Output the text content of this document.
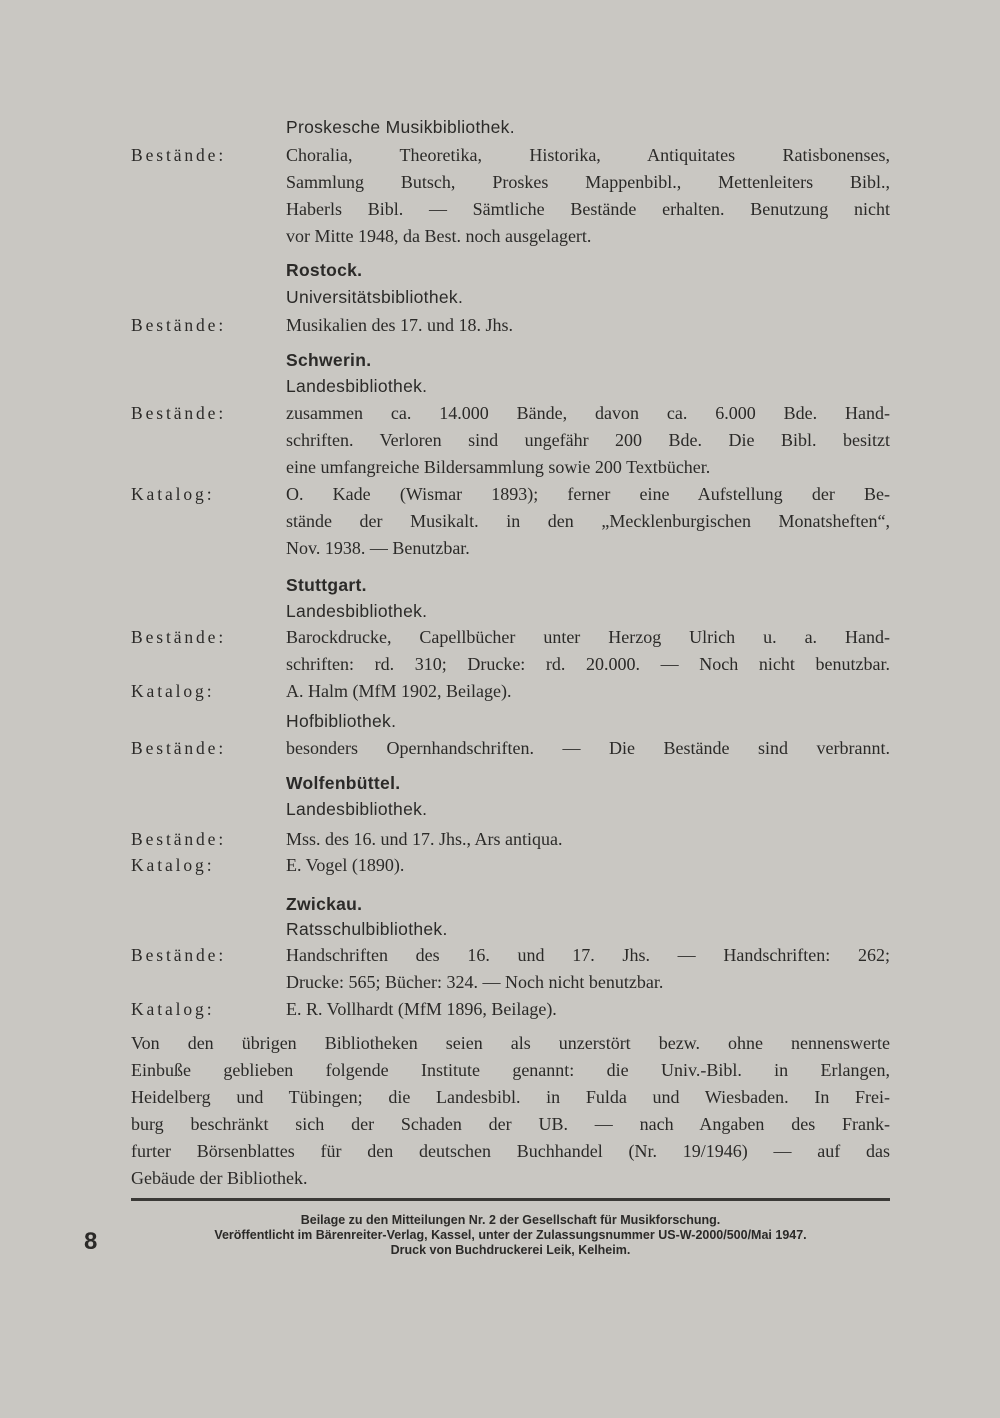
Proskesche Musikbibliothek.
Bestände:	Choralia, Theoretika, Historika, Antiquitates Ratisbonenses,
Sammlung Butsch, Proskes Mappenbibl., Mettenleiters Bibl.,
Haberls Bibl. — Sämtliche Bestände erhalten. Benutzung nicht
vor Mitte 1948, da Best. noch ausgelagert.
Rostock.
Universitätsbibliothek.
Bestände:	Musikalien des 17. und 18. Jhs.
Schwerin.
Landesbibliothek.
Bestände:	zusammen ca. 14.000 Bände, davon ca. 6.000 Bde. Hand-
schriften. Verloren sind ungefähr 200 Bde. Die Bibl. besitzt
eine umfangreiche Bildersammlung sowie 200 Textbücher.
Katalog:	O. Kade (Wismar 1893); ferner eine Aufstellung der Be-
stände der Musikalt. in den „Mecklenburgischen Monatsheften“,
Nov. 1938. — Benutzbar.
Stuttgart.
Landesbibliothek.
Bestände:	Barockdrucke, Capellbücher unter Herzog Ulrich u. a. Hand-
schriften: rd. 310; Drucke: rd. 20.000. — Noch nicht benutzbar.
Katalog:	A. Halm (MfM 1902, Beilage).
Hofbibliothek.
Bestände:	besonders Opernhandschriften. — Die Bestände sind verbrannt.
Wolfenbüttel.
Landesbibliothek.
Bestände:	Mss. des 16. und 17. Jhs., Ars antiqua.
Katalog:	E. Vogel (1890).
Zwickau.
Ratsschulbibliothek.
Bestände:	Handschriften des 16. und 17. Jhs. — Handschriften: 262;
Drucke: 565; Bücher: 324. — Noch nicht benutzbar.
Katalog:	E. R. Vollhardt (MfM 1896, Beilage).
Von den übrigen Bibliotheken seien als unzerstört bezw. ohne nennenswerte
Einbuße geblieben folgende Institute genannt: die Univ.-Bibl. in Erlangen,
Heidelberg und Tübingen; die Landesbibl. in Fulda und Wiesbaden. In Frei-
burg beschränkt sich der Schaden der UB. — nach Angaben des Frank-
furter Börsenblattes für den deutschen Buchhandel (Nr. 19/1946) — auf das
Gebäude der Bibliothek.
8
Beilage zu den Mitteilungen Nr. 2 der Gesellschaft für Musikforschung.
Veröffentlicht im Bärenreiter-Verlag, Kassel, unter der Zulassungsnummer US-W-2000/500/Mai 1947.
Druck von Buchdruckerei Leik, Kelheim.
